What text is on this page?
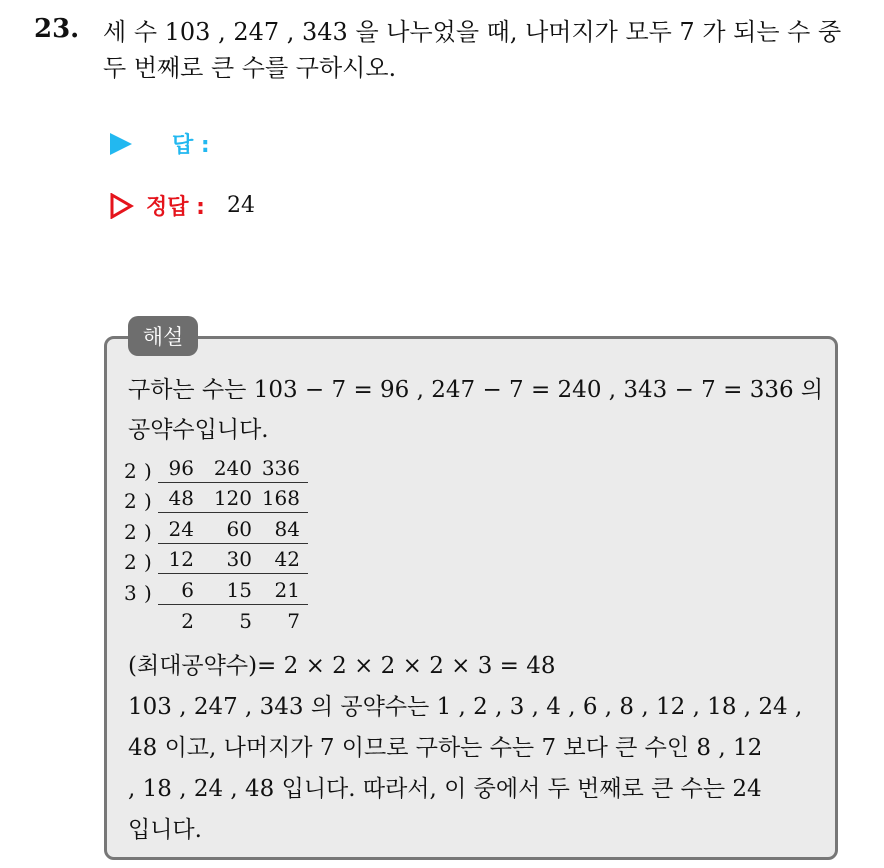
23. 세 수 103 , 247 , 343 을 나누었을 때, 나머지가 모두 7 가 되는 수 중
두 번째로 큰 수를 구하시오.
답 :
정답 : 24
해설
구하는 수는 103 − 7 = 96 , 247 − 7 = 240 , 343 − 7 = 336 의
공약수입니다.
2 ) 96 240 336
2 ) 48 120 168
2 ) 24	60	84
2 ) 12	30	42
3 )	6	15	21
2	5	7
(최대공약수)= 2 × 2 × 2 × 2 × 3 = 48
103 , 247 , 343 의 공약수는 1 , 2 , 3 , 4 , 6 , 8 , 12 , 18 , 24 ,
48 이고, 나머지가 7 이므로 구하는 수는 7 보다 큰 수인 8 , 12
, 18 , 24 , 48 입니다. 따라서, 이 중에서 두 번째로 큰 수는 24
입니다.
